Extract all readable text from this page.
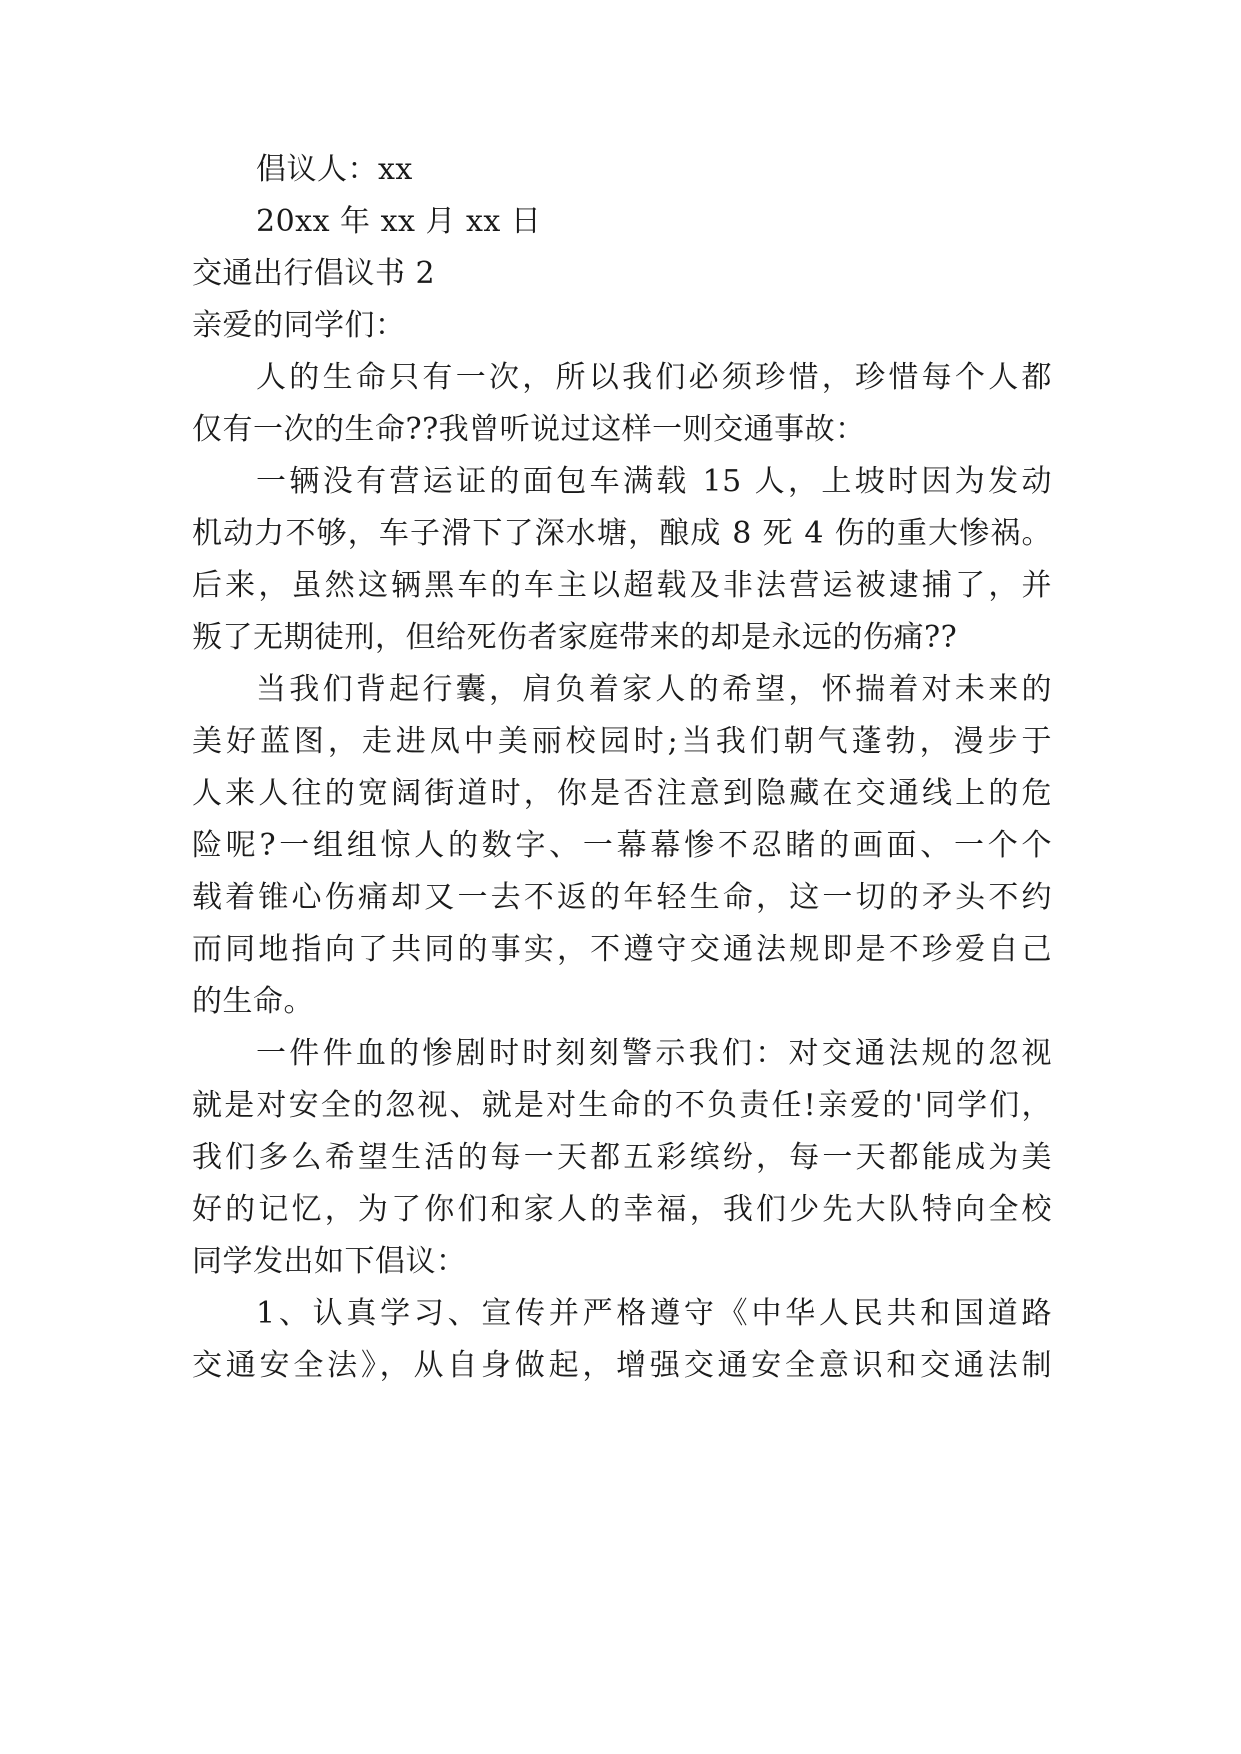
倡议人：xx
20xx 年 xx 月 xx 日
交通出行倡议书 2
亲爱的同学们：
人的生命只有一次，所以我们必须珍惜，珍惜每个人都
仅有一次的生命??我曾听说过这样一则交通事故：
一辆没有营运证的面包车满载 15 人，上坡时因为发动
机动力不够，车子滑下了深水塘，酿成 8 死 4 伤的重大惨祸。
后来，虽然这辆黑车的车主以超载及非法营运被逮捕了，并
叛了无期徒刑，但给死伤者家庭带来的却是永远的伤痛??
当我们背起行囊，肩负着家人的希望，怀揣着对未来的
美好蓝图，走进凤中美丽校园时;当我们朝气蓬勃，漫步于
人来人往的宽阔街道时，你是否注意到隐藏在交通线上的危
险呢?一组组惊人的数字、一幕幕惨不忍睹的画面、一个个
载着锥心伤痛却又一去不返的年轻生命，这一切的矛头不约
而同地指向了共同的事实，不遵守交通法规即是不珍爱自己
的生命。
一件件血的惨剧时时刻刻警示我们：对交通法规的忽视
就是对安全的忽视、就是对生命的不负责任!亲爱的'同学们，
我们多么希望生活的每一天都五彩缤纷，每一天都能成为美
好的记忆，为了你们和家人的幸福，我们少先大队特向全校
同学发出如下倡议：
1、认真学习、宣传并严格遵守《中华人民共和国道路
交通安全法》，从自身做起，增强交通安全意识和交通法制
